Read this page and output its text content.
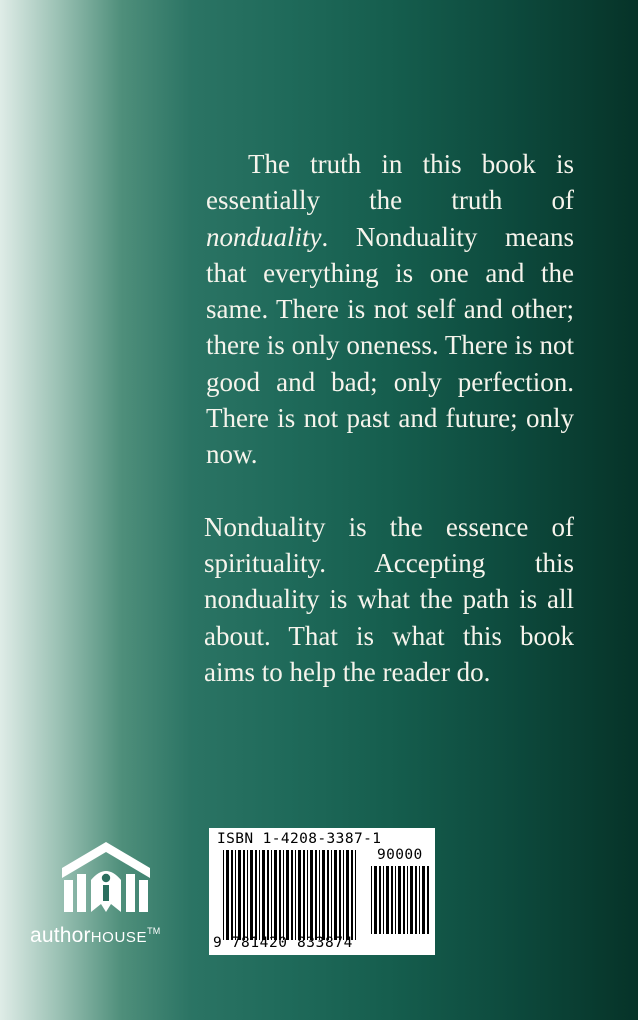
The truth in this book is essentially the truth of nonduality. Nonduality means that everything is one and the same. There is not self and other; there is only oneness. There is not good and bad; only perfection. There is not past and future; only now.

Nonduality is the essence of spirituality. Accepting this nonduality is what the path is all about. That is what this book aims to help the reader do.

authorHOUSE™
ISBN 1-4208-3387-1
90000
9 781420 833874
